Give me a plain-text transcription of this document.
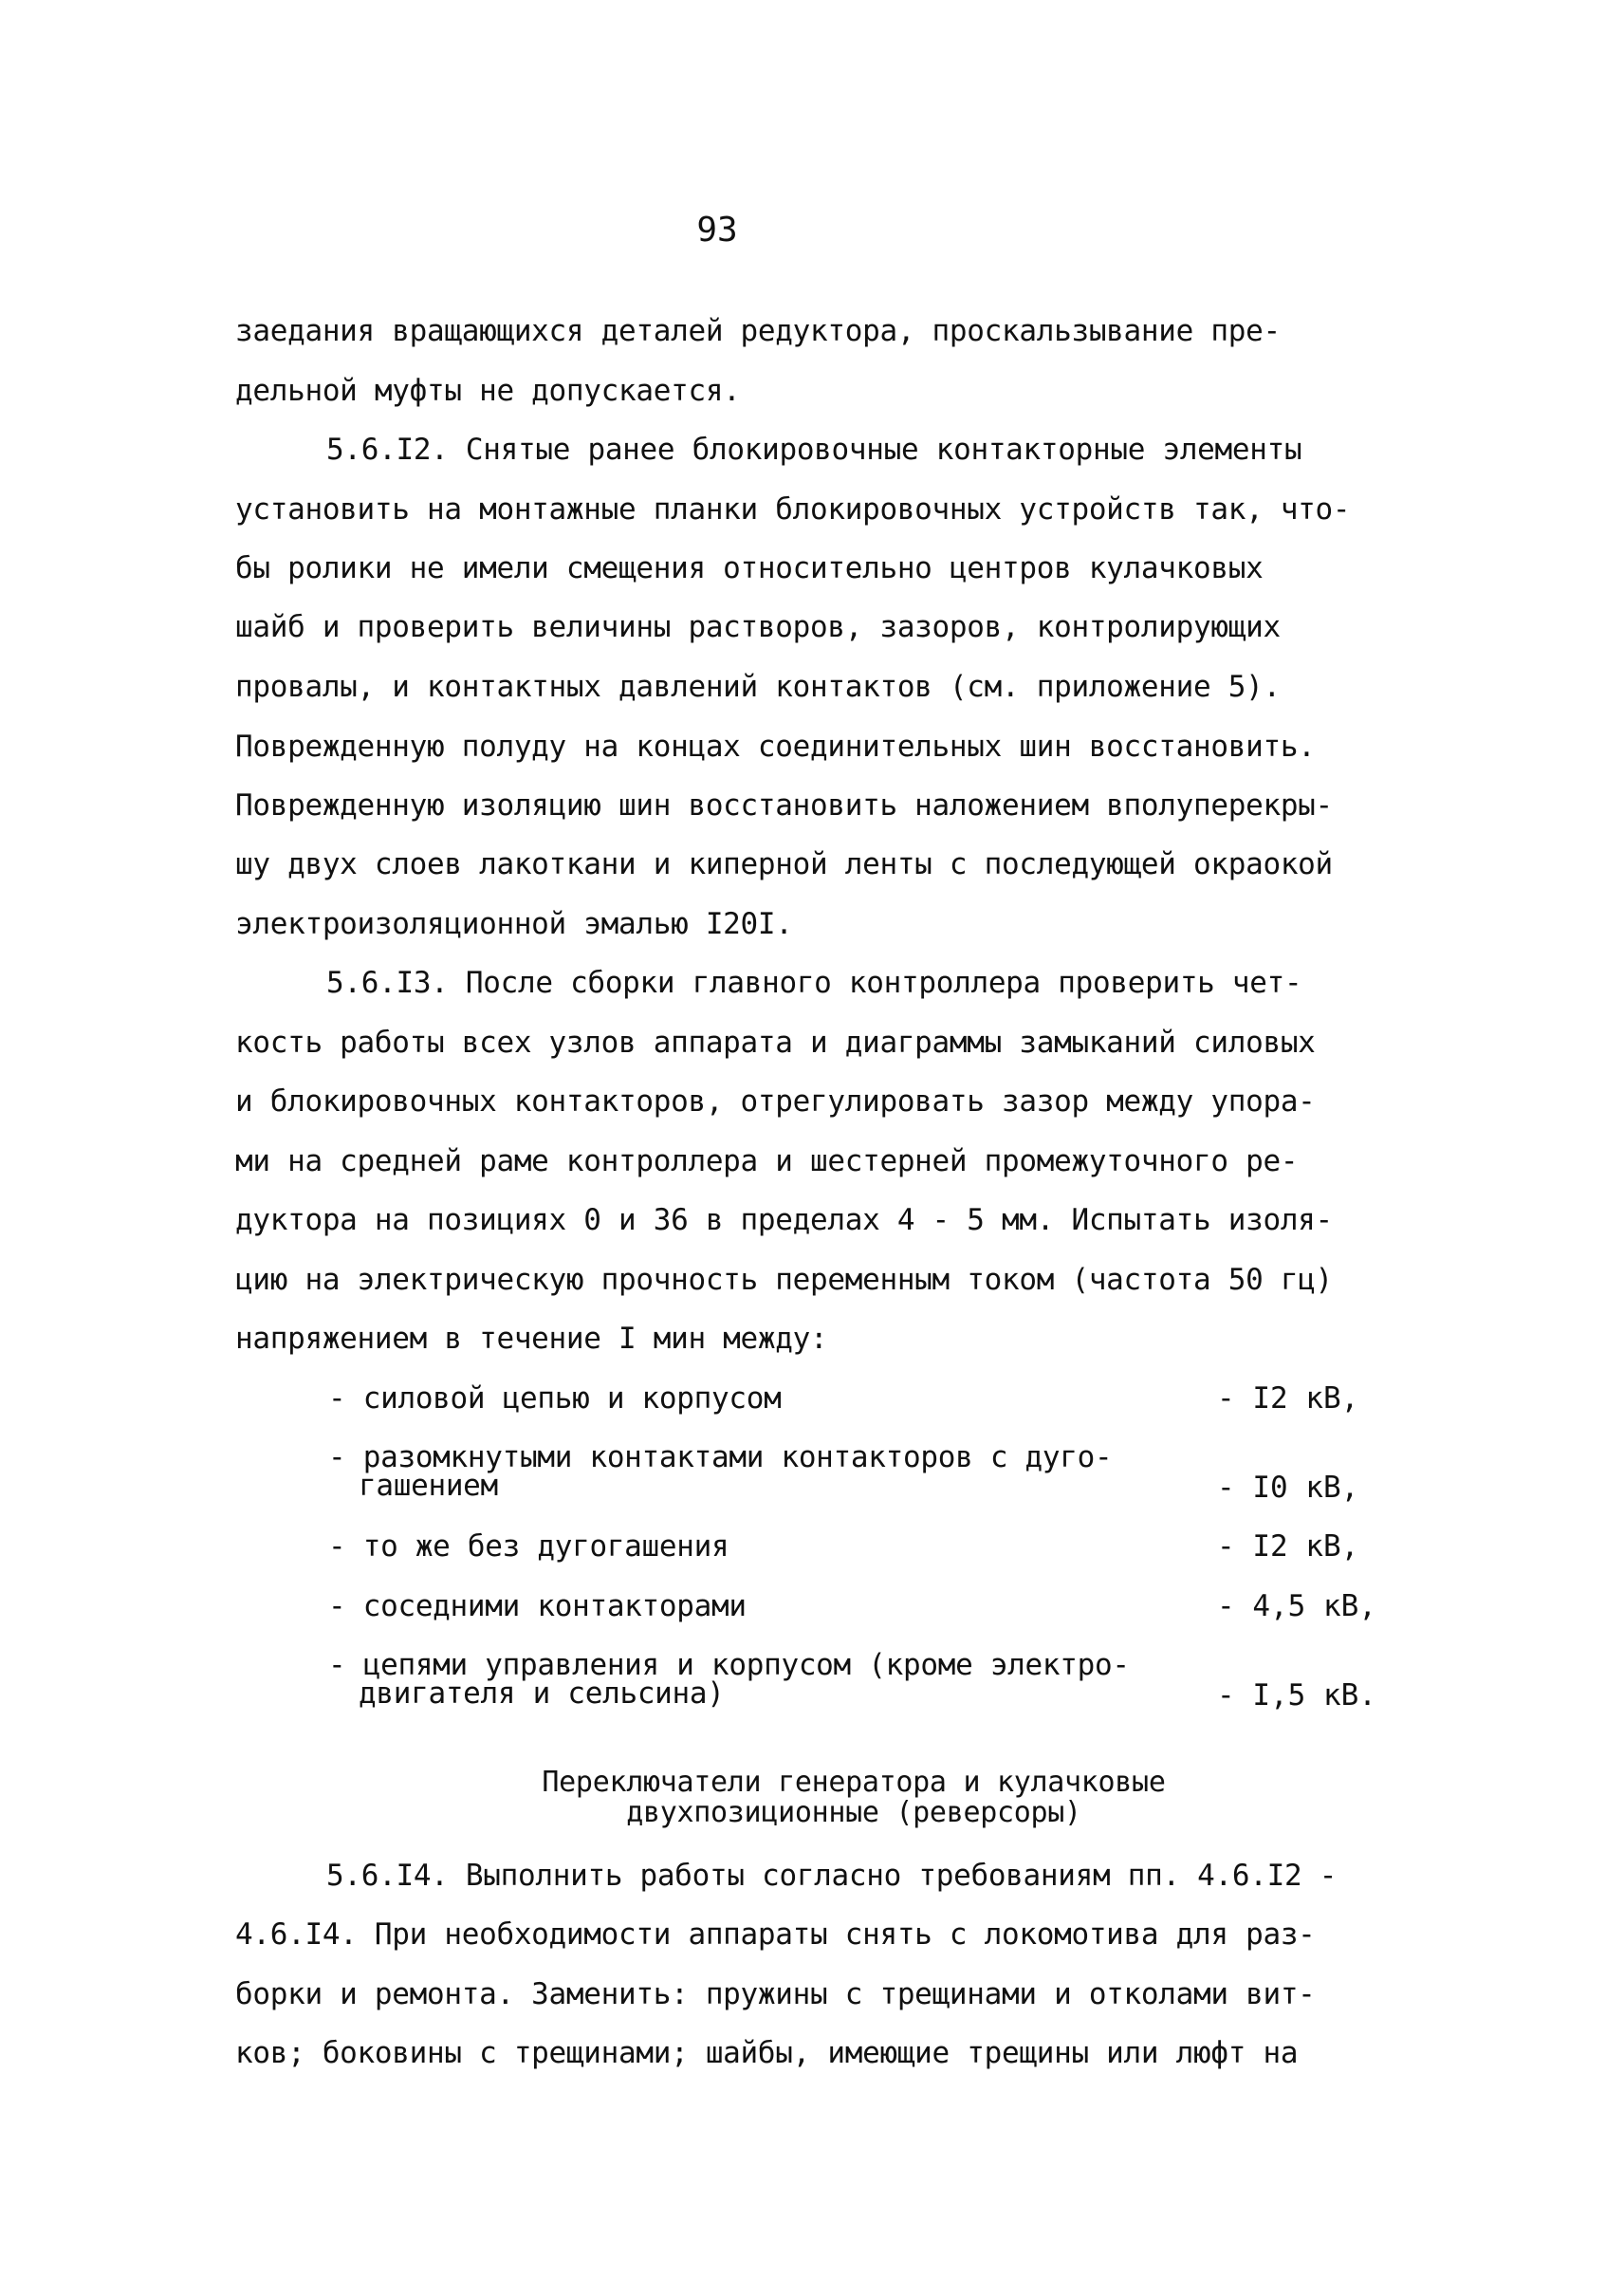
93
заедания вращающихся деталей редуктора, проскальзывание пре-
дельной муфты не допускается.
5.6.I2. Снятые ранее блокировочные контакторные элементы
установить на монтажные планки блокировочных устройств так, что-
бы ролики не имели смещения относительно центров кулачковых
шайб и проверить величины растворов, зазоров, контролирующих
провалы, и контактных давлений контактов (см. приложение 5).
Поврежденную полуду на концах соединительных шин восстановить.
Поврежденную изоляцию шин восстановить наложением вполуперекры-
шу двух слоев лакоткани и киперной ленты с последующей окраокой
электроизоляционной эмалью I20I.
5.6.I3. После сборки главного контроллера проверить чет-
кость работы всех узлов аппарата и диаграммы замыканий силовых
и блокировочных контакторов, отрегулировать зазор между упора-
ми на средней раме контроллера и шестерней промежуточного ре-
дуктора на позициях 0 и 36 в пределах 4 - 5 мм. Испытать изоля-
цию на электрическую прочность переменным током (частота 50 гц)
напряжением в течение I мин между:
- силовой цепью и корпусом	- I2 кВ,
- разомкнутыми контактами контакторов с дуго-
гашением	- I0 кВ,
- то же без дугогашения	- I2 кВ,
- соседними контакторами	- 4,5 кВ,
- цепями управления и корпусом (кроме электро-
двигателя и сельсина)	- I,5 кВ.
Переключатели генератора и кулачковые
двухпозиционные (реверсоры)
5.6.I4. Выполнить работы согласно требованиям пп. 4.6.I2 -
4.6.I4. При необходимости аппараты снять с локомотива для раз-
борки и ремонта. Заменить: пружины с трещинами и отколами вит-
ков; боковины с трещинами; шайбы, имеющие трещины или люфт на
